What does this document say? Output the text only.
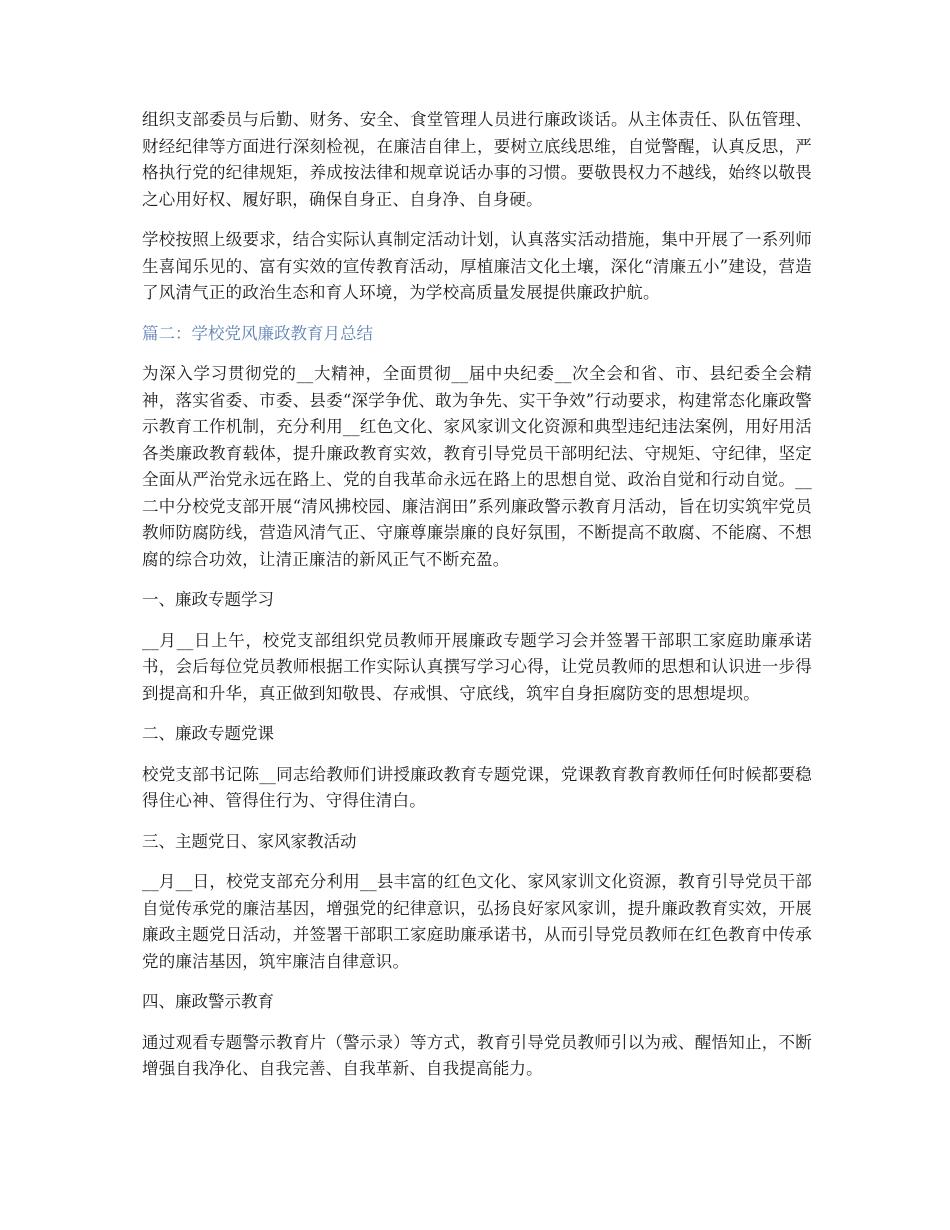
组织支部委员与后勤、财务、安全、食堂管理人员进行廉政谈话。从主体责任、队伍管理、财经纪律等方面进行深刻检视，在廉洁自律上，要树立底线思维，自觉警醒，认真反思，严格执行党的纪律规矩，养成按法律和规章说话办事的习惯。要敬畏权力不越线，始终以敬畏之心用好权、履好职，确保自身正、自身净、自身硬。

学校按照上级要求，结合实际认真制定活动计划，认真落实活动措施，集中开展了一系列师生喜闻乐见的、富有实效的宣传教育活动，厚植廉洁文化土壤，深化“清廉五小”建设，营造了风清气正的政治生态和育人环境，为学校高质量发展提供廉政护航。

篇二：学校党风廉政教育月总结

为深入学习贯彻党的__大精神，全面贯彻__届中央纪委__次全会和省、市、县纪委全会精神，落实省委、市委、县委“深学争优、敢为争先、实干争效”行动要求，构建常态化廉政警示教育工作机制，充分利用__红色文化、家风家训文化资源和典型违纪违法案例，用好用活各类廉政教育载体，提升廉政教育实效，教育引导党员干部明纪法、守规矩、守纪律，坚定全面从严治党永远在路上、党的自我革命永远在路上的思想自觉、政治自觉和行动自觉。__二中分校党支部开展“清风拂校园、廉洁润田”系列廉政警示教育月活动，旨在切实筑牢党员教师防腐防线，营造风清气正、守廉尊廉崇廉的良好氛围，不断提高不敢腐、不能腐、不想腐的综合功效，让清正廉洁的新风正气不断充盈。

一、廉政专题学习

__月__日上午，校党支部组织党员教师开展廉政专题学习会并签署干部职工家庭助廉承诺书，会后每位党员教师根据工作实际认真撰写学习心得，让党员教师的思想和认识进一步得到提高和升华，真正做到知敬畏、存戒惧、守底线，筑牢自身拒腐防变的思想堤坝。

二、廉政专题党课

校党支部书记陈__同志给教师们讲授廉政教育专题党课，党课教育教育教师任何时候都要稳得住心神、管得住行为、守得住清白。

三、主题党日、家风家教活动

__月__日，校党支部充分利用__县丰富的红色文化、家风家训文化资源，教育引导党员干部自觉传承党的廉洁基因，增强党的纪律意识，弘扬良好家风家训，提升廉政教育实效，开展廉政主题党日活动，并签署干部职工家庭助廉承诺书，从而引导党员教师在红色教育中传承党的廉洁基因，筑牢廉洁自律意识。

四、廉政警示教育

通过观看专题警示教育片（警示录）等方式，教育引导党员教师引以为戒、醒悟知止，不断增强自我净化、自我完善、自我革新、自我提高能力。
